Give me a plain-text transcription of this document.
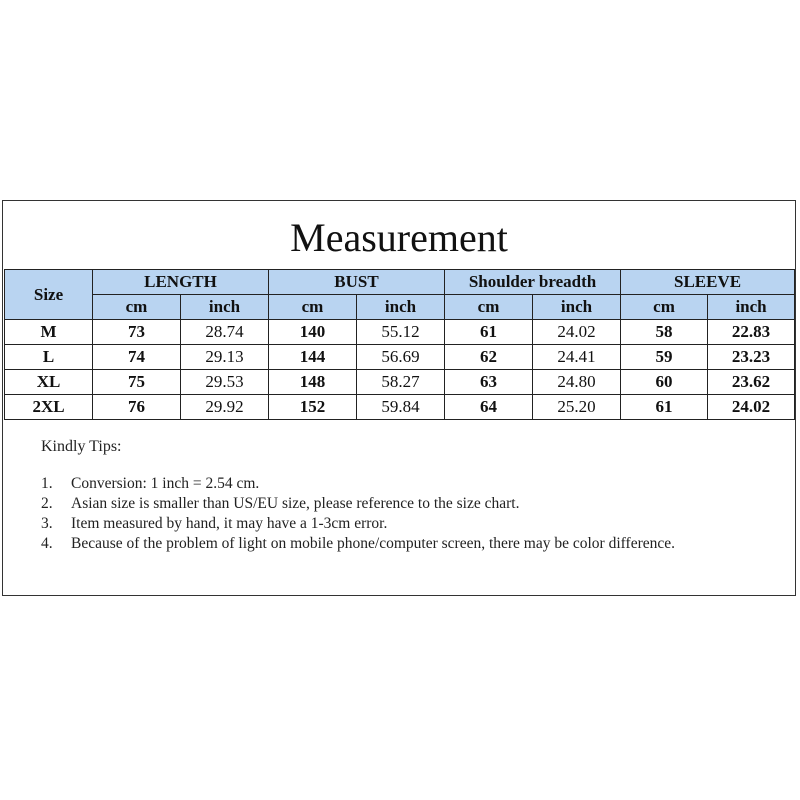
Measurement
Size	LENGTH		BUST		Shoulder breadth		SLEEVE	
	cm	inch	cm	inch	cm	inch	cm	inch
M	73	28.74	140	55.12	61	24.02	58	22.83
L	74	29.13	144	56.69	62	24.41	59	23.23
XL	75	29.53	148	58.27	63	24.80	60	23.62
2XL	76	29.92	152	59.84	64	25.20	61	24.02

Kindly Tips:

1. Conversion: 1 inch = 2.54 cm.
2. Asian size is smaller than US/EU size, please reference to the size chart.
3. Item measured by hand, it may have a 1-3cm error.
4. Because of the problem of light on mobile phone/computer screen, there may be color difference.
